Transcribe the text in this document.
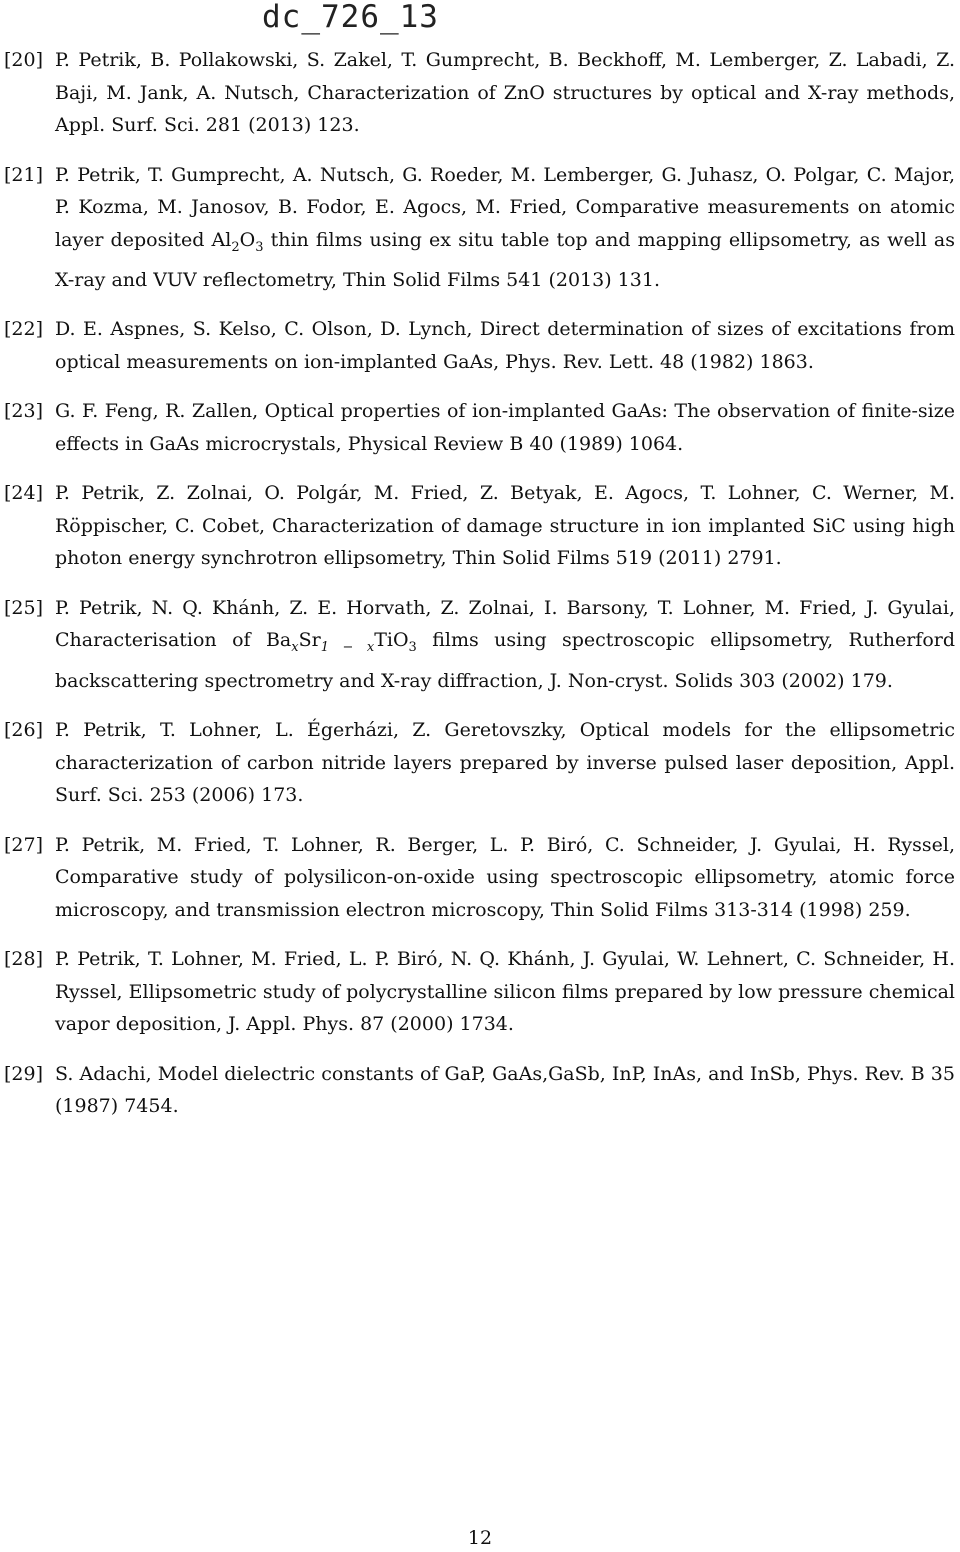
dc_726_13
[20] P. Petrik, B. Pollakowski, S. Zakel, T. Gumprecht, B. Beckhoff, M. Lemberger, Z. Labadi, Z. Baji, M. Jank, A. Nutsch, Characterization of ZnO structures by optical and X-ray methods, Appl. Surf. Sci. 281 (2013) 123.
[21] P. Petrik, T. Gumprecht, A. Nutsch, G. Roeder, M. Lemberger, G. Juhasz, O. Polgar, C. Major, P. Kozma, M. Janosov, B. Fodor, E. Agocs, M. Fried, Comparative measurements on atomic layer deposited $Al_2O_3$ thin films using ex situ table top and mapping ellipsometry, as well as X-ray and VUV reflectometry, Thin Solid Films 541 (2013) 131.
[22] D. E. Aspnes, S. Kelso, C. Olson, D. Lynch, Direct determination of sizes of excitations from optical measurements on ion-implanted GaAs, Phys. Rev. Lett. 48 (1982) 1863.
[23] G. F. Feng, R. Zallen, Optical properties of ion-implanted GaAs: The observation of finite-size effects in GaAs microcrystals, Physical Review B 40 (1989) 1064.
[24] P. Petrik, Z. Zolnai, O. Polgár, M. Fried, Z. Betyak, E. Agocs, T. Lohner, C. Werner, M. Röppischer, C. Cobet, Characterization of damage structure in ion implanted SiC using high photon energy synchrotron ellipsometry, Thin Solid Films 519 (2011) 2791.
[25] P. Petrik, N. Q. Khánh, Z. E. Horvath, Z. Zolnai, I. Barsony, T. Lohner, M. Fried, J. Gyulai, Characterisation of $Ba_xSr_{1 - x}TiO_3$ films using spectroscopic ellipsometry, Rutherford backscattering spectrometry and X-ray diffraction, J. Non-cryst. Solids 303 (2002) 179.
[26] P. Petrik, T. Lohner, L. Égerházi, Z. Geretovszky, Optical models for the ellipsometric characterization of carbon nitride layers prepared by inverse pulsed laser deposition, Appl. Surf. Sci. 253 (2006) 173.
[27] P. Petrik, M. Fried, T. Lohner, R. Berger, L. P. Biró, C. Schneider, J. Gyulai, H. Ryssel, Comparative study of polysilicon-on-oxide using spectroscopic ellipsometry, atomic force microscopy, and transmission electron microscopy, Thin Solid Films 313-314 (1998) 259.
[28] P. Petrik, T. Lohner, M. Fried, L. P. Biró, N. Q. Khánh, J. Gyulai, W. Lehnert, C. Schneider, H. Ryssel, Ellipsometric study of polycrystalline silicon films prepared by low pressure chemical vapor deposition, J. Appl. Phys. 87 (2000) 1734.
[29] S. Adachi, Model dielectric constants of GaP, GaAs,GaSb, InP, InAs, and InSb, Phys. Rev. B 35 (1987) 7454.
12
